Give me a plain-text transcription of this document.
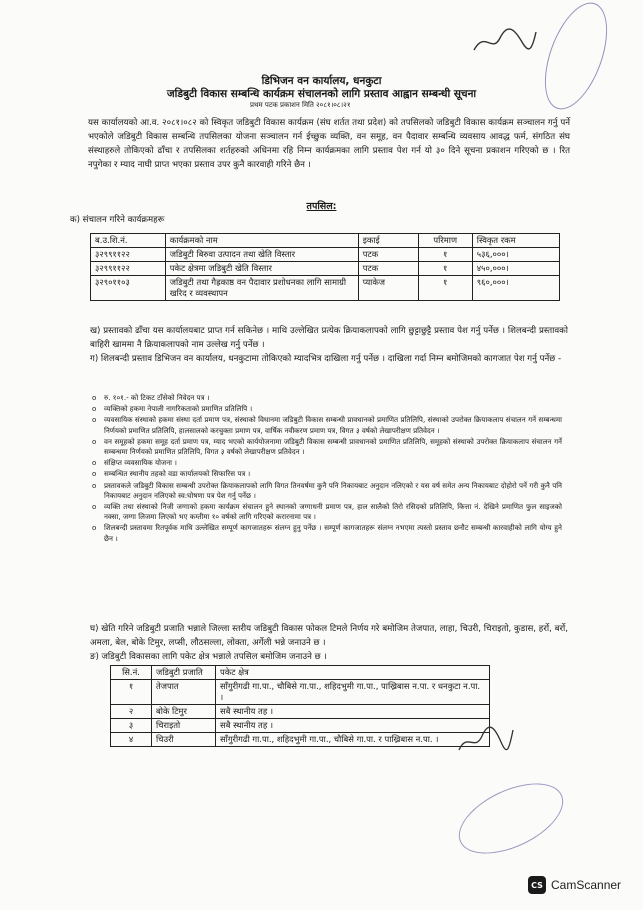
डिभिजन वन कार्यालय, धनकुटा
जडिबुटी विकास सम्बन्धि कार्यक्रम संचालनको लागि प्रस्ताव आह्वान सम्बन्धी सूचना
प्रथम पटक प्रकाशन मिति २०८१।०८।२१
यस कार्यालयको आ.व. २०८१।०८२ को स्विकृत जडिबुटी विकास कार्यक्रम (संघ शर्तत तथा प्रदेश) को तपसिलको जडिबुटी विकास कार्यक्रम सञ्चालन गर्नु पर्ने भएकोले जडिबुटी विकास सम्बन्धि तपसिलका योजना सञ्चालन गर्न ईच्छुक व्यक्ति, वन समूह, वन पैदावार सम्बन्धि व्यवसाय आवद्ध फर्म, संगठित संघ संस्थाहरुले तोकिएको ढाँचा र तपसिलका शर्तहरुको अधिनमा रहि निम्न कार्यक्रमका लागि प्रस्ताव पेश गर्न यो ३० दिने सूचना प्रकाशन गरिएको छ । रित नपुगेका र म्याद नाघी प्राप्त भएका प्रस्ताव उपर कुनै कारवाही गरिने छैन ।
तपसिल:
क) संचालन गरिने कार्यक्रमहरू
ब.उ.शि.नं.	कार्यक्रमको नाम	इकाई	परिमाण	स्विकृत रकम
३२९९११२२	जडिबुटी बिरुवा उत्पादन तथा खेति विस्तार	पटक	१	५३६,०००।
३२९९११२२	पकेट क्षेत्रमा जडिबुटी खेति विस्तार	पटक	१	४५०,०००।
३२९०११०३	जडिबुटी तथा गैह्रकाष्ठ वन पैदावार प्रशोधनका लागि सामाग्री खरिद र व्यवस्थापन	प्याकेज	१	९६०,०००।
ख) प्रस्तावको ढाँचा यस कार्यालयबाट प्राप्त गर्न सकिनेछ । माथि उल्लेखित प्रत्येक क्रियाकलापको लागि छुट्टाछुट्टै प्रस्ताव पेश गर्नु पर्नेछ । शिलबन्दी प्रस्तावको बाहिरी खाममा नै क्रियाकलापको नाम उल्लेख गर्नु पर्नेछ ।
ग) शिलबन्दी प्रस्ताव डिभिजन वन कार्यालय, धनकुटामा तोकिएको म्यादभित्र दाखिला गर्नु पर्नेछ । दाखिला गर्दा निम्न बमोजिमको कागजात पेश गर्नु पर्नेछ -
o रु. १०१.- को टिकट टाँसेको निवेदन पत्र ।
o व्यक्तिको हकमा नेपाली नागरिकताको प्रमाणित प्रतिलिपि ।
o व्यवसायिक संस्थाको हकमा संस्था दर्ता प्रमाण पत्र, संस्थाको विधानमा जडिबुटी विकास सम्बन्धी प्रावधानको प्रमाणित प्रतिलिपि, संस्थाको उपरोक्त क्रियाकलाप संचालन गर्ने सम्बन्धमा निर्णयको प्रमाणित प्रतिलिपि, हालसालको करचुक्ता प्रमाण पत्र, वार्षिक नवीकरण प्रमाण पत्र, विगत ३ वर्षको लेखापरीक्षण प्रतिवेदन ।
o वन समूहको हकमा समूह दर्ता प्रमाण पत्र, म्याद भएको कार्ययोजनामा जडिबुटी विकास सम्बन्धी प्रावधानको प्रमाणित प्रतिलिपि, समूहको संस्थाको उपरोक्त क्रियाकलाप संचालन गर्ने सम्बन्धमा निर्णयको प्रमाणित प्रतिलिपि, विगत ३ वर्षको लेखापरीक्षण प्रतिवेदन ।
o संक्षिप्त व्यवसायिक योजना ।
o सम्बन्धित स्थानीय तहको वडा कार्यालयको सिफारिस पत्र ।
o प्रस्तावकले जडिबुटी विकास सम्बन्धी उपरोक्त क्रियाकलापको लागि विगत तिनवर्षमा कुनै पनि निकायबाट अनुदान नलिएको र यस वर्ष समेत अन्य निकायबाट दोहोरो पर्ने गरी कुनै पनि निकायबाट अनुदान नलिएको स्व:घोषणा पत्र पेश गर्नु पर्नेछ ।
o व्यक्ति तथा संस्थाको निजी जग्गाको हकमा कार्यक्रम संचालन हुने स्थानको जग्गाधनी प्रमाण पत्र, हाल सालैको तिरो रसिदको प्रतिलिपि, कित्ता नं. देखिने प्रमाणित फुल साइजको नक्सा, जग्गा लिजमा लिएको भए कम्तीमा १० वर्षको लागि गरिएको करारनामा पत्र ।
o शिलबन्दी प्रस्तावमा रितपूर्वक माथि उल्लेखित सम्पूर्ण कागजातहरू संलग्न हुनु पर्नेछ । सम्पूर्ण कागजातहरू संलग्न नभएमा त्यस्तो प्रस्ताव छनौट सम्बन्धी कारवाहीको लागि योग्य हुने छैन ।
घ) खेति गरिने जडिबुटी प्रजाति भन्नाले जिल्ला स्तरीय जडिबुटी विकास फोकल टिमले निर्णय गरे बमोजिम तेजपात, लाहा, चिउरी, चिराइतो, कुडास, हर्रो, बर्रो, अमला, बेल, बोके टिमुर, लप्सी, लौठसल्ला, लोक्ता, अर्गेली भन्ने जनाउने छ ।
ङ) जडिबुटी विकासका लागि पकेट क्षेत्र भन्नाले तपसिल बमोजिम जनाउने छ ।
सि.नं.	जडिबुटी प्रजाति	पकेट क्षेत्र
१	तेजपात	साँगुरीगढी गा.पा., चौबिसे गा.पा., शहिदभुमी गा.पा., पाख्रिबास न.पा. र धनकुटा न.पा. ।
२	बोके टिमुर	सबै स्थानीय तह ।
३	चिराइतो	सबै स्थानीय तह ।
४	चिउरी	साँगुरीगढी गा.पा., शहिदभुमी गा.पा., चौबिसे गा.पा. र पाख्रिबास न.पा. ।
CS CamScanner
